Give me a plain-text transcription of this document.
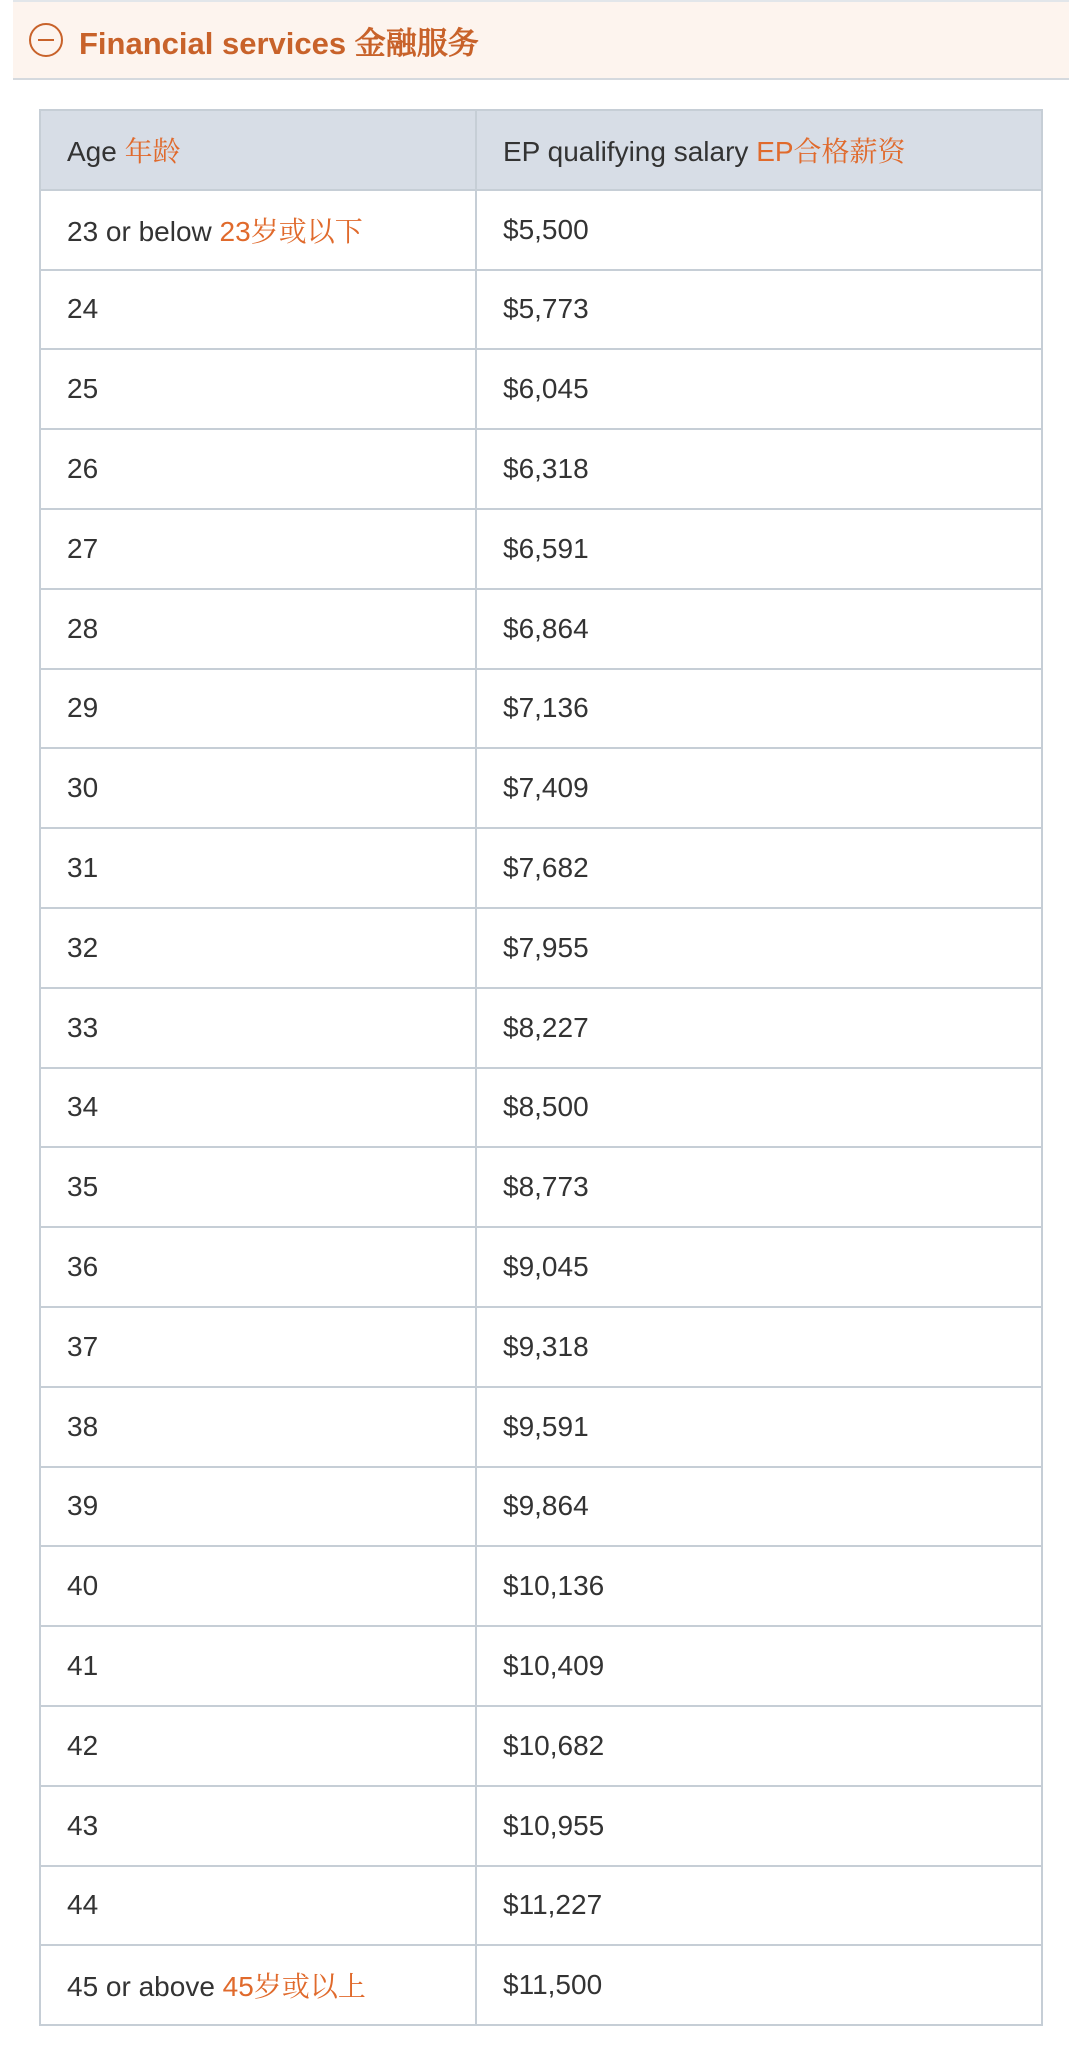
Financial services 金融服务
Age 年龄	EP qualifying salary EP合格薪资
23 or below 23岁或以下	$5,500
24	$5,773
25	$6,045
26	$6,318
27	$6,591
28	$6,864
29	$7,136
30	$7,409
31	$7,682
32	$7,955
33	$8,227
34	$8,500
35	$8,773
36	$9,045
37	$9,318
38	$9,591
39	$9,864
40	$10,136
41	$10,409
42	$10,682
43	$10,955
44	$11,227
45 or above 45岁或以上	$11,500
